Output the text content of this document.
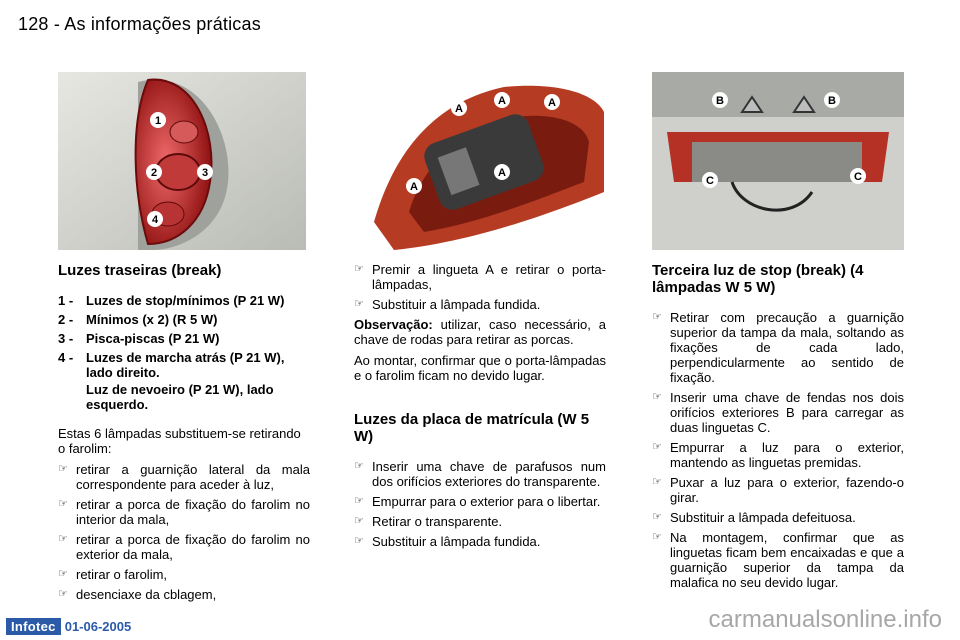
128 - As informações práticas
1
2	3
4
A
A	A
A
A
B	B
C	C
Luzes traseiras (break)
1 - Luzes de stop/mínimos (P 21 W)
2 - Mínimos (x 2) (R 5 W)
3 - Pisca-piscas (P 21 W)
4 - Luzes de marcha atrás (P 21 W), lado direito.
Luz de nevoeiro (P 21 W), lado esquerdo.

Estas 6 lâmpadas substituem-se retirando o farolim:

☞ retirar a guarnição lateral da mala correspondente para aceder à luz,
☞ retirar a porca de fixação do farolim no interior da mala,
☞ retirar a porca de fixação do farolim no exterior da mala,
☞ retirar o farolim,
☞ desenciaxe da cblagem,
☞ Premir a lingueta A e retirar o porta-lâmpadas,
☞ Substituir a lâmpada fundida.

Observação: utilizar, caso necessário, a chave de rodas para retirar as porcas.

Ao montar, confirmar que o porta-lâmpadas e o farolim ficam no devido lugar.

Luzes da placa de matrícula (W 5 W)
☞ Inserir uma chave de parafusos num dos orifícios exteriores do transparente.
☞ Empurrar para o exterior para o libertar.
☞ Retirar o transparente.
☞ Substituir a lâmpada fundida.
Terceira luz de stop (break) (4 lâmpadas W 5 W)
☞ Retirar com precaução a guarnição superior da tampa da mala, soltando as fixações de cada lado, perpendicularmente ao sentido de fixação.
☞ Inserir uma chave de fendas nos dois orifícios exteriores B para carregar as duas linguetas C.
☞ Empurrar a luz para o exterior, mantendo as linguetas premidas.
☞ Puxar a luz para o exterior, fazendo-o girar.
☞ Substituir a lâmpada defeituosa.
☞ Na montagem, confirmar que as linguetas ficam bem encaixadas e que a guarnição superior da tampa da malafica no seu devido lugar.
Infotec 01-06-2005	carmanualsonline.info
